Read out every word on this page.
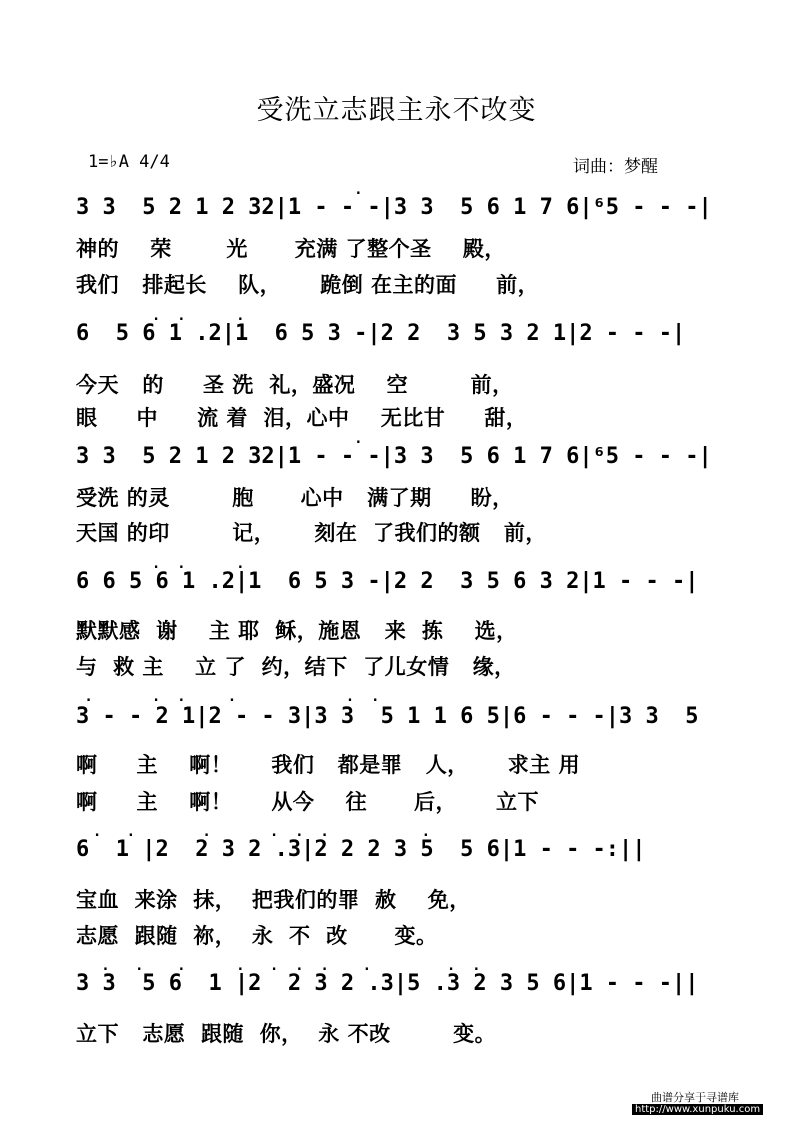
受洗立志跟主永不改变
1=♭A 4/4	词曲：梦醒
.
3 3  5 2 1 2 32|1 - - -|3 3  5 6 1 7 6|⁶5 - - -|
神的    荣       光      充满 了整个圣    殿，
我们   排起长    队，     跪倒 在主的面     前，
.  .      .
6  5 6 1 .2|1  6 5 3 -|2 2  3 5 3 2 1|2 - - -|
今天   的     圣 洗  礼，盛况    空        前，
眼     中     流 着  泪，心中    无比甘     甜，
.
3 3  5 2 1 2 32|1 - - -|3 3  5 6 1 7 6|⁶5 - - -|
受洗 的灵        胞      心中   满了期     盼，
天国 的印        记，     刻在  了我们的额   前，
.  .      .
6 6 5 6 1 .2|1  6 5 3 -|2 2  3 5 6 3 2|1 - - -|
默默感  谢    主 耶  稣，施恩   来  拣    选，
与  救 主    立 了  约，结下  了儿女情   缘，
.       .  .     .             .  .
3 - - 2 1|2 - - 3|3 3  5 1 1 6 5|6 - - -|3 3  5
啊     主    啊！     我们   都是罪   人，     求主 用
啊     主    啊！     从今    往      后，     立下
.   .        .       .  .  .           .
6  1 |2  2 3 2 .3|2 2 2 3 5  5 6|1 - - -:||
宝血  来涂  抹，  把我们的罪  赦    免，
志愿  跟随  祢，  永  不  改      变。
.   .    .      .   .  .  .    .         .  .
3 3  5 6  1 |2  2 3 2 .3|5 .3 2 3 5 6|1 - - -||
立下   志愿  跟随  你，  永 不改        变。
曲谱分享于寻谱库
http://www.xunpuku.com
